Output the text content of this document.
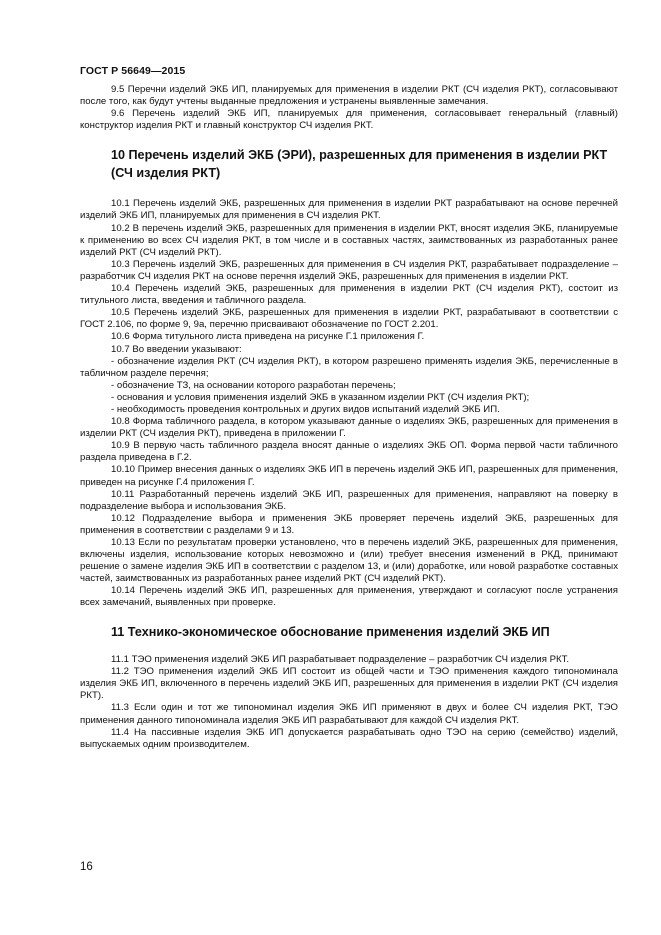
ГОСТ Р 56649—2015
9.5 Перечни изделий ЭКБ ИП, планируемых для применения в изделии РКТ (СЧ изделия РКТ), согласовывают после того, как будут учтены выданные предложения и устранены выявленные замечания.
9.6 Перечень изделий ЭКБ ИП, планируемых для применения, согласовывает генеральный (главный) конструктор изделия РКТ и главный конструктор СЧ изделия РКТ.
10 Перечень изделий ЭКБ (ЭРИ), разрешенных для применения в изделии РКТ (СЧ изделия РКТ)
10.1 Перечень изделий ЭКБ, разрешенных для применения в изделии РКТ разрабатывают на основе перечней изделий ЭКБ ИП, планируемых для применения в СЧ изделия РКТ.
10.2 В перечень изделий ЭКБ, разрешенных для применения в изделии РКТ, вносят изделия ЭКБ, планируемые к применению во всех СЧ изделия РКТ, в том числе и в составных частях, заимствованных из разработанных ранее изделий РКТ (СЧ изделий РКТ).
10.3 Перечень изделий ЭКБ, разрешенных для применения в СЧ изделия РКТ, разрабатывает подразделение – разработчик СЧ изделия РКТ на основе перечня изделий ЭКБ, разрешенных для применения в изделии РКТ.
10.4 Перечень изделий ЭКБ, разрешенных для применения в изделии РКТ (СЧ изделия РКТ), состоит из титульного листа, введения и табличного раздела.
10.5 Перечень изделий ЭКБ, разрешенных для применения в изделии РКТ, разрабатывают в соответствии с ГОСТ 2.106, по форме 9, 9а, перечню присваивают обозначение по ГОСТ 2.201.
10.6 Форма титульного листа приведена на рисунке Г.1 приложения Г.
10.7 Во введении указывают:
- обозначение изделия РКТ (СЧ изделия РКТ), в котором разрешено применять изделия ЭКБ, перечисленные в табличном разделе перечня;
- обозначение ТЗ, на основании которого разработан перечень;
- основания и условия применения изделий ЭКБ в указанном изделии РКТ (СЧ изделия РКТ);
- необходимость проведения контрольных и других видов испытаний изделий ЭКБ ИП.
10.8 Форма табличного раздела, в котором указывают данные о изделиях ЭКБ, разрешенных для применения в изделии РКТ (СЧ изделия РКТ), приведена в приложении Г.
10.9 В первую часть табличного раздела вносят данные о изделиях ЭКБ ОП. Форма первой части табличного раздела приведена в Г.2.
10.10 Пример внесения данных о изделиях ЭКБ ИП в перечень изделий ЭКБ ИП, разрешенных для применения, приведен на рисунке Г.4 приложения Г.
10.11 Разработанный перечень изделий ЭКБ ИП, разрешенных для применения, направляют на поверку в подразделение выбора и использования ЭКБ.
10.12 Подразделение выбора и применения ЭКБ проверяет перечень изделий ЭКБ, разрешенных для применения в соответствии с разделами 9 и 13.
10.13 Если по результатам проверки установлено, что в перечень изделий ЭКБ, разрешенных для применения, включены изделия, использование которых невозможно и (или) требует внесения изменений в РКД, принимают решение о замене изделия ЭКБ ИП в соответствии с разделом 13, и (или) доработке, или новой разработке составных частей, заимствованных из разработанных ранее изделий РКТ (СЧ изделий РКТ).
10.14 Перечень изделий ЭКБ ИП, разрешенных для применения, утверждают и согласуют после устранения всех замечаний, выявленных при проверке.
11 Технико-экономическое обоснование применения изделий ЭКБ ИП
11.1 ТЭО применения изделий ЭКБ ИП разрабатывает подразделение – разработчик СЧ изделия РКТ.
11.2 ТЭО применения изделий ЭКБ ИП состоит из общей части и ТЭО применения каждого типономинала изделия ЭКБ ИП, включенного в перечень изделий ЭКБ ИП, разрешенных для применения в изделии РКТ (СЧ изделия РКТ).
11.3 Если один и тот же типономинал изделия ЭКБ ИП применяют в двух и более СЧ изделия РКТ, ТЭО применения данного типономинала изделия ЭКБ ИП разрабатывают для каждой СЧ изделия РКТ.
11.4 На пассивные изделия ЭКБ ИП допускается разрабатывать одно ТЭО на серию (семейство) изделий, выпускаемых одним производителем.
16
